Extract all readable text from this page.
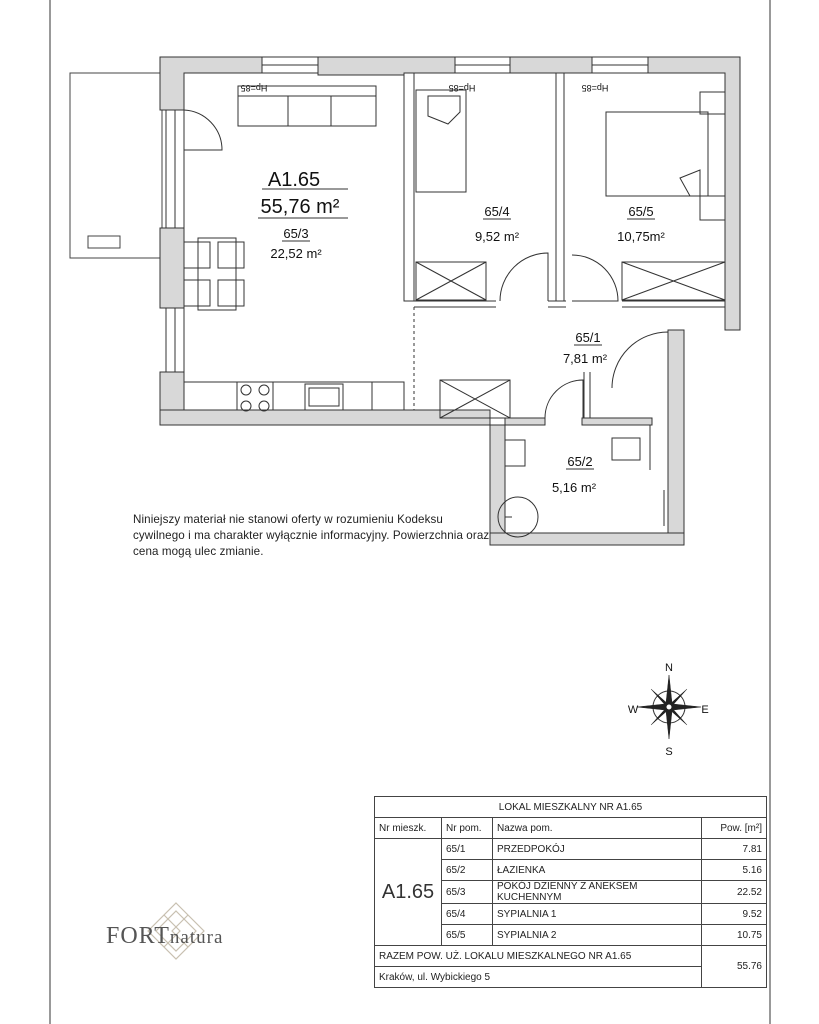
Hp=85	Hp=85	Hp=85
A1.65
55,76 m²
65/3
22,52 m²
65/4
9,52 m²
65/5
10,75m²
65/1
7,81 m²
65/2
5,16 m²
N
S
E
W
Niniejszy materiał nie stanowi oferty w rozumieniu Kodeksu cywilnego i ma charakter wyłącznie informacyjny. Powierzchnia oraz cena mogą ulec zmianie.
FORTnatura
LOKAL MIESZKALNY NR A1.65			
Nr mieszk.	Nr pom.	Nazwa pom.	Pow. [m²]
A1.65	65/1	PRZEDPOKÓJ	7.81
	65/2	ŁAZIENKA	5.16
	65/3	POKÓJ DZIENNY Z ANEKSEM KUCHENNYM	22.52
	65/4	SYPIALNIA 1	9.52
	65/5	SYPIALNIA 2	10.75
RAZEM POW. UŻ. LOKALU MIESZKALNEGO NR A1.65			55.76
Kraków, ul. Wybickiego 5			
